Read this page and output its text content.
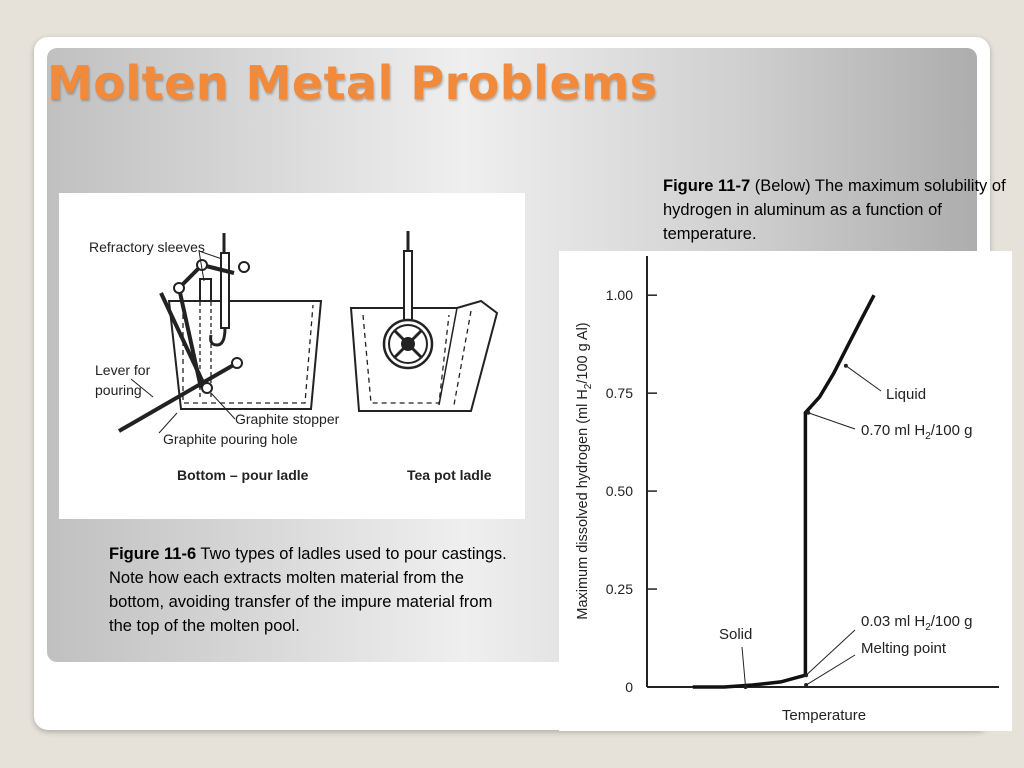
Refractory sleeves
Lever for
pouring
Graphite stopper
Graphite pouring hole
Bottom – pour ladle	Tea pot ladle
Figure 11-6 Two types of ladles used to pour castings. Note how each extracts molten material from the bottom, avoiding transfer of the impure material from the top of the molten pool.
Figure 11-7 (Below) The maximum solubility of hydrogen in aluminum as a function of temperature.
Maximum dissolved hydrogen (ml $H_2/100$ g Al)
Temperature
0
0.25
0.50
0.75
1.00
Liquid
0.70 ml $H_2/100$ g
Solid
0.03 ml $H_2/100$ g
Melting point
Molten Metal Problems
